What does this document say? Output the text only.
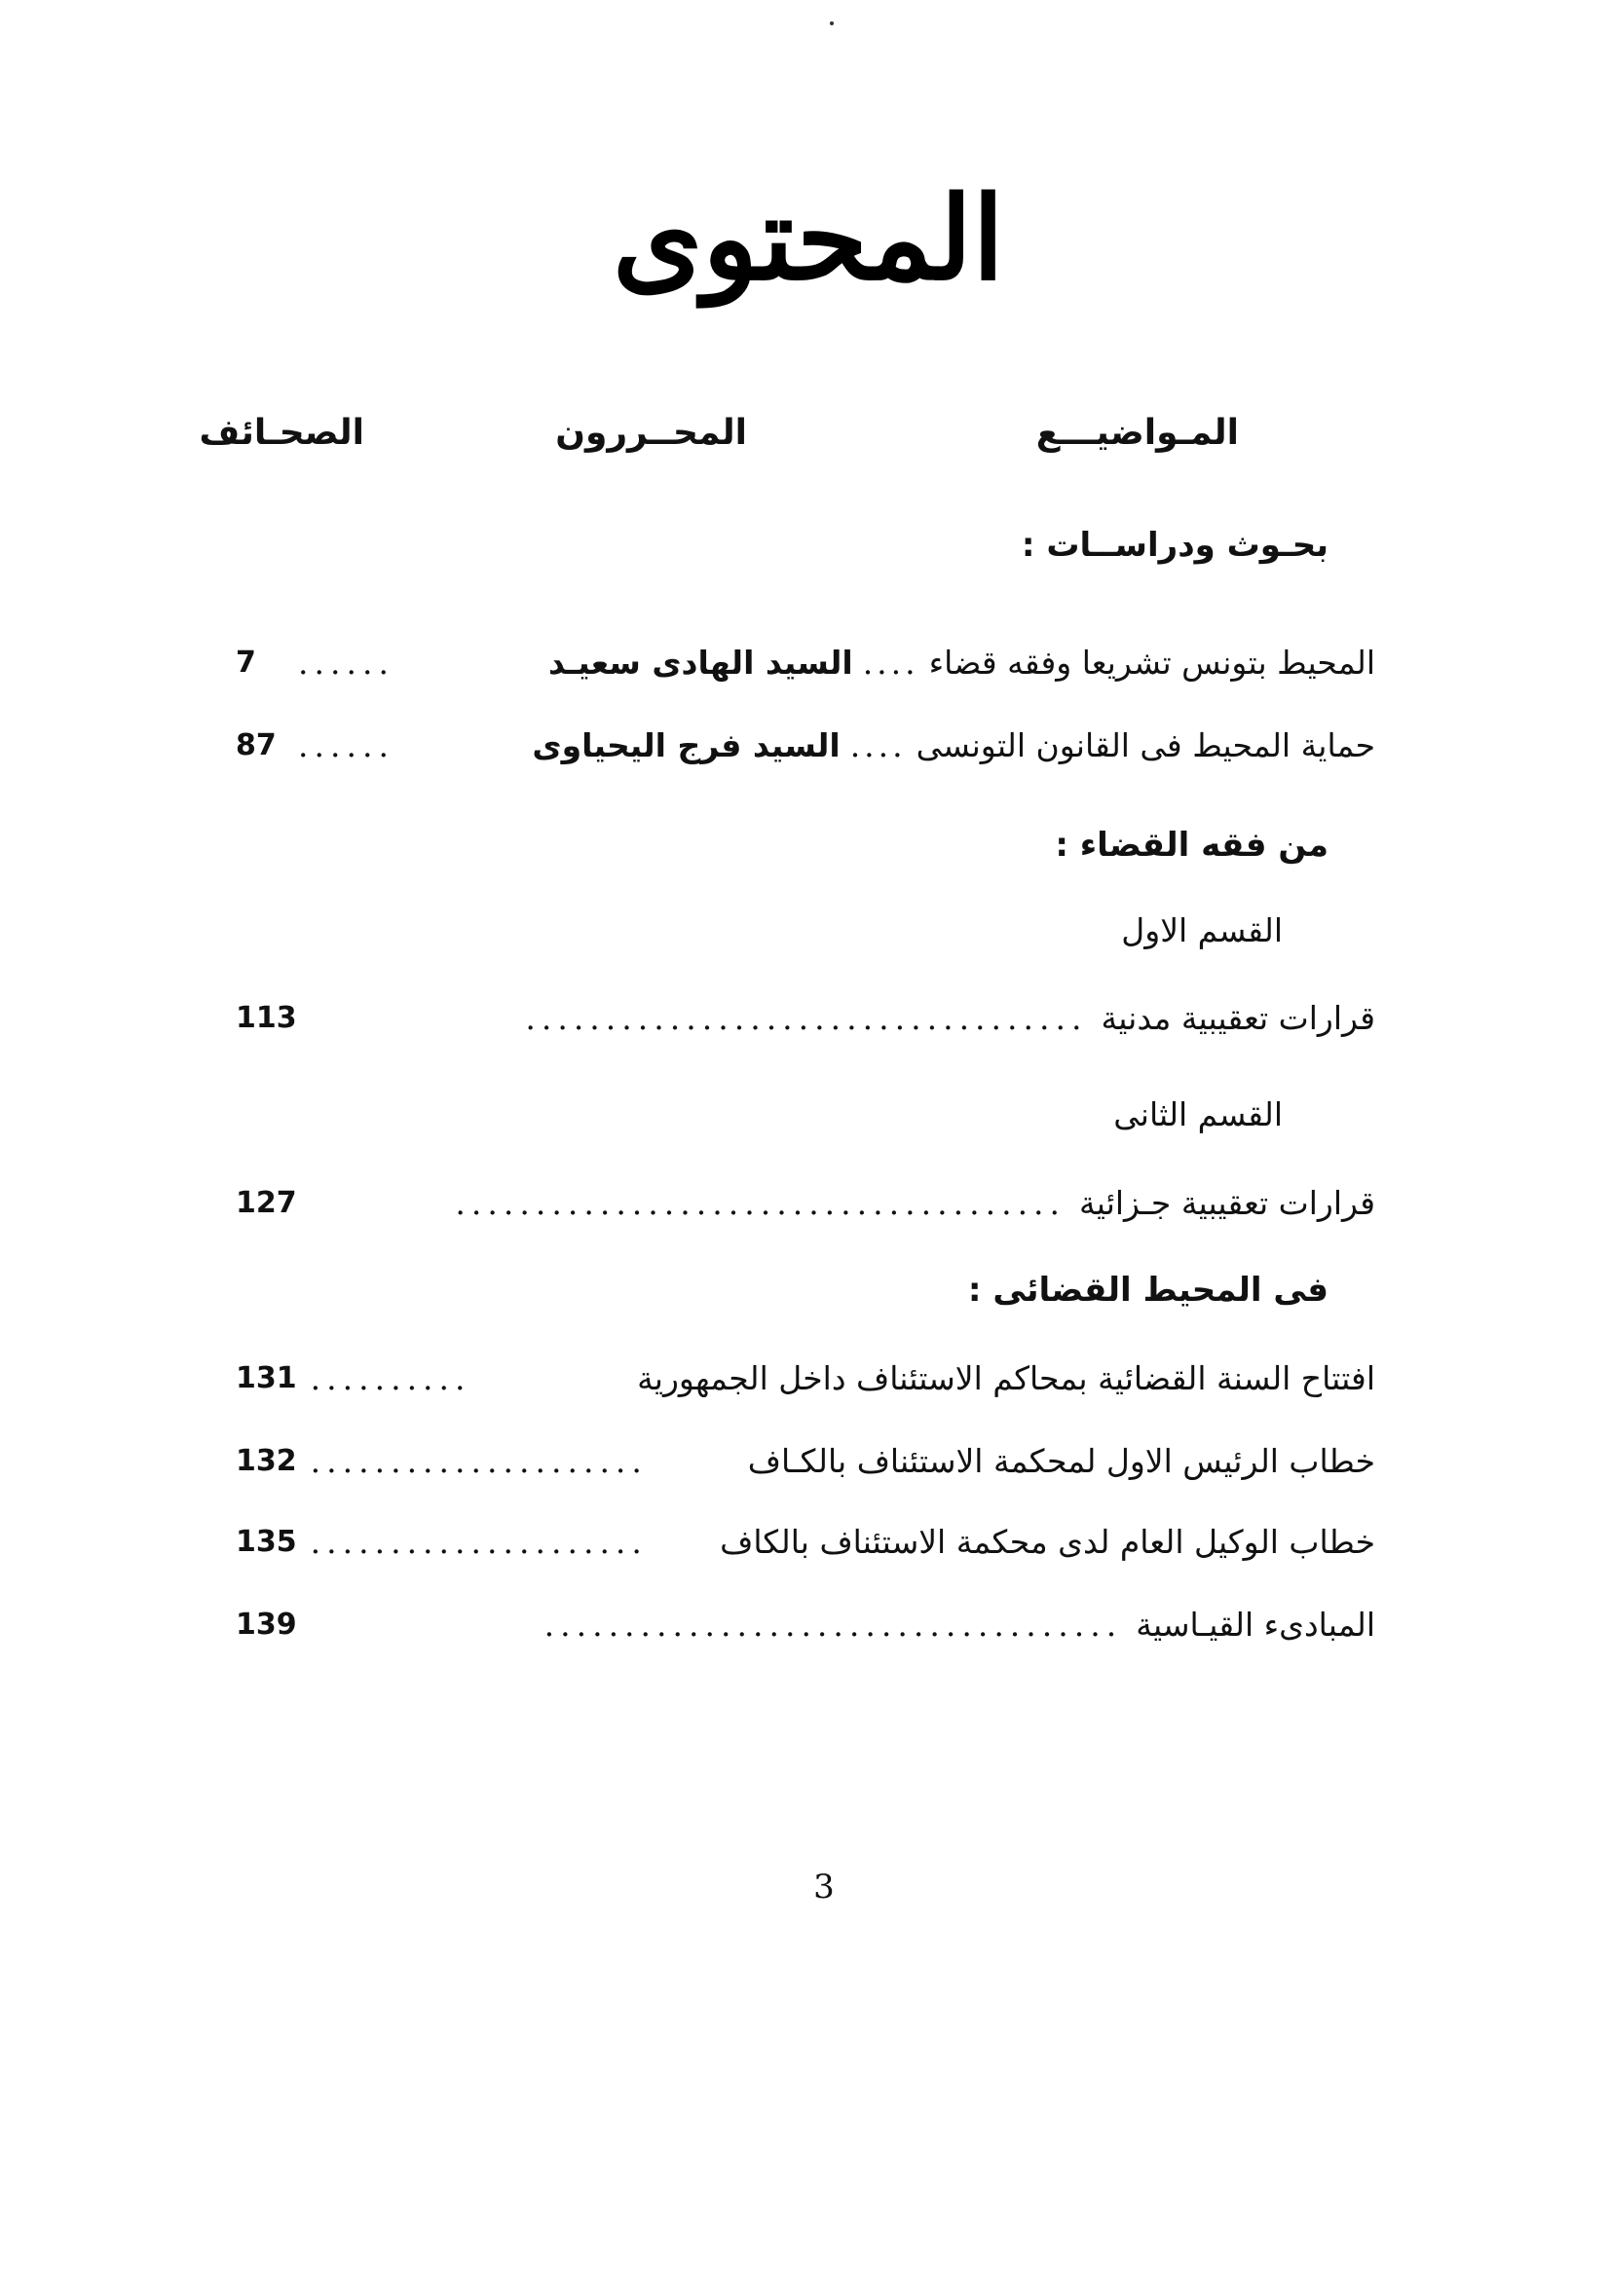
المحتوى
المـواضيـــع
المحــررون
الصحـائف
بحـوث ودراســات :
المحيط بتونس تشريعا وفقه قضاء
....
السيد الهادى سعيـد
......
7
حماية المحيط فى القانون التونسى
....
السيد فرج اليحياوى
......
87
من فقه القضاء :
القسم الاول
قرارات تعقيبية مدنية
...................................
113
القسم الثانى
قرارات تعقيبية جـزائية
......................................
127
فى المحيط القضائى :
افتتاح السنة القضائية بمحاكم الاستئناف داخل الجمهورية
..........
131
خطاب الرئيس الاول لمحكمة الاستئناف بالكـاف
.....................
132
خطاب الوكيل العام لدى محكمة الاستئناف بالكاف
.....................
135
المبادىء القيـاسية
....................................
139
3
